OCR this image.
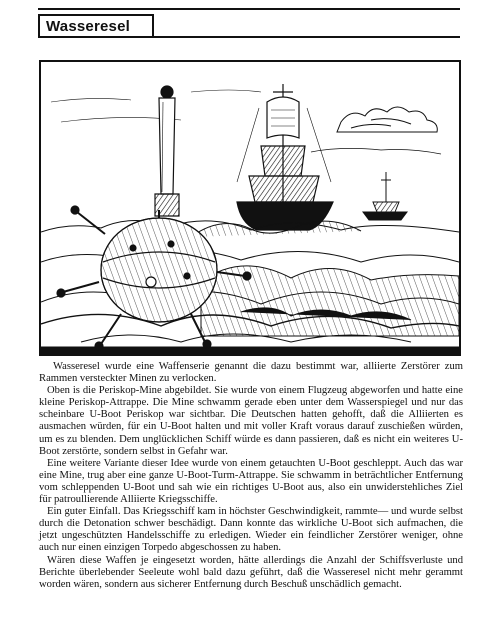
Wasseresel

Wasseresel wurde eine Waffenserie genannt die dazu bestimmt war, alliierte Zerstörer zum Rammen versteckter Minen zu verlocken.

Oben is die Periskop-Mine abgebildet. Sie wurde von einem Flugzeug abgeworfen und hatte eine kleine Periskop-Attrappe. Die Mine schwamm gerade eben unter dem Wasserspiegel und nur das scheinbare U-Boot Periskop war sichtbar. Die Deutschen hatten gehofft, daß die Alliierten es ausmachen würden, für ein U-Boot halten und mit voller Kraft voraus darauf zuschießen würden, um es zu blenden. Dem unglücklichen Schiff würde es dann passieren, daß es nicht ein weiteres U-Boot zerstörte, sondern selbst in Gefahr war.

Eine weitere Variante dieser Idee wurde von einem getauchten U-Boot geschleppt. Auch das war eine Mine, trug aber eine ganze U-Boot-Turm-Attrappe. Sie schwamm in beträchtlicher Entfernung vom schleppenden U-Boot und sah wie ein richtiges U-Boot aus, also ein unwiderstehliches Ziel für patroullierende Alliierte Kriegsschiffe.

Ein guter Einfall. Das Kriegsschiff kam in höchster Geschwindigkeit, rammte— und wurde selbst durch die Detonation schwer beschädigt. Dann konnte das wirkliche U-Boot sich aufmachen, die jetzt ungeschützten Handelsschiffe zu erledigen. Wieder ein feindlicher Zerstörer weniger, ohne auch nur einen einzigen Torpedo abgeschossen zu haben.

Wären diese Waffen je eingesetzt worden, hätte allerdings die Anzahl der Schiffsverluste und Berichte überlebender Seeleute wohl bald dazu geführt, daß die Wasseresel nicht mehr gerammt worden wären, sondern aus sicherer Entfernung durch Beschuß unschädlich gemacht.
